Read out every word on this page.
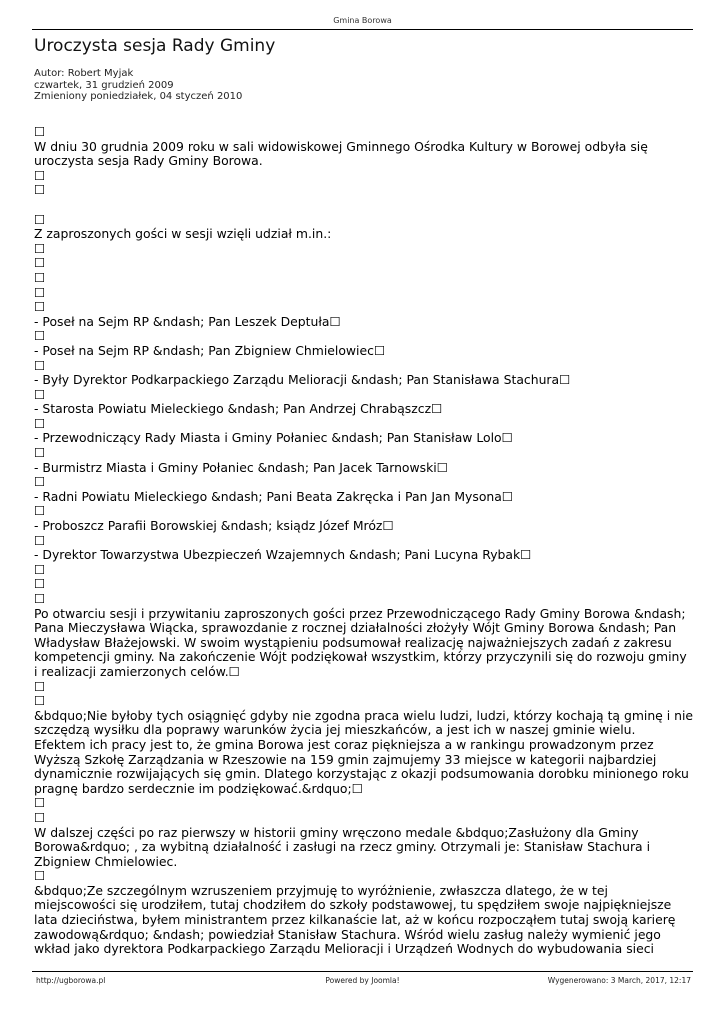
Gmina Borowa
Uroczysta sesja Rady Gminy
Autor: Robert Myjak
czwartek, 31 grudzień 2009
Zmieniony poniedziałek, 04 styczeń 2010
☐
W dniu 30 grudnia 2009 roku w sali widowiskowej Gminnego Ośrodka Kultury w Borowej odbyła się
uroczysta sesja Rady Gminy Borowa.
☐
☐

☐
Z zaproszonych gości w sesji wzięli udział m.in.:
☐
☐
☐
☐
☐
- Poseł na Sejm RP &ndash; Pan Leszek Deptuła☐
☐
- Poseł na Sejm RP &ndash; Pan Zbigniew Chmielowiec☐
☐
- Były Dyrektor Podkarpackiego Zarządu Melioracji &ndash; Pan Stanisława Stachura☐
☐
- Starosta Powiatu Mieleckiego &ndash; Pan Andrzej Chrabąszcz☐
☐
- Przewodniczący Rady Miasta i Gminy Połaniec &ndash; Pan Stanisław Lolo☐
☐
- Burmistrz Miasta i Gminy Połaniec &ndash; Pan Jacek Tarnowski☐
☐
- Radni Powiatu Mieleckiego &ndash; Pani Beata Zakręcka i Pan Jan Mysona☐
☐
- Proboszcz Parafii Borowskiej &ndash; ksiądz Józef Mróz☐
☐
- Dyrektor Towarzystwa Ubezpieczeń Wzajemnych &ndash; Pani Lucyna Rybak☐
☐
☐
☐
Po otwarciu sesji i przywitaniu zaproszonych gości przez Przewodniczącego Rady Gminy Borowa &ndash;
Pana Mieczysława Wiącka, sprawozdanie z rocznej działalności złożyły Wójt Gminy Borowa &ndash; Pan
Władysław Błażejowski. W swoim wystąpieniu podsumował realizację najważniejszych zadań z zakresu
kompetencji gminy. Na zakończenie Wójt podziękował wszystkim, którzy przyczynili się do rozwoju gminy
i realizacji zamierzonych celów.☐
☐
☐
&bdquo;Nie byłoby tych osiągnięć gdyby nie zgodna praca wielu ludzi, ludzi, którzy kochają tą gminę i nie
szczędzą wysiłku dla poprawy warunków życia jej mieszkańców, a jest ich w naszej gminie wielu.
Efektem ich pracy jest to, że gmina Borowa jest coraz piękniejsza a w rankingu prowadzonym przez
Wyższą Szkołę Zarządzania w Rzeszowie na 159 gmin zajmujemy 33 miejsce w kategorii najbardziej
dynamicznie rozwijających się gmin. Dlatego korzystając z okazji podsumowania dorobku minionego roku
pragnę bardzo serdecznie im podziękować.&rdquo;☐
☐
☐
W dalszej części po raz pierwszy w historii gminy wręczono medale &bdquo;Zasłużony dla Gminy
Borowa&rdquo; , za wybitną działalność i zasługi na rzecz gminy. Otrzymali je: Stanisław Stachura i
Zbigniew Chmielowiec.
☐
&bdquo;Ze szczególnym wzruszeniem przyjmuję to wyróżnienie, zwłaszcza dlatego, że w tej
miejscowości się urodziłem, tutaj chodziłem do szkoły podstawowej, tu spędziłem swoje najpiękniejsze
lata dzieciństwa, byłem ministrantem przez kilkanaście lat, aż w końcu rozpocząłem tutaj swoją karierę
zawodową&rdquo; &ndash; powiedział Stanisław Stachura. Wśród wielu zasług należy wymienić jego
wkład jako dyrektora Podkarpackiego Zarządu Melioracji i Urządzeń Wodnych do wybudowania sieci
http://ugborowa.pl	Powered by Joomla!	Wygenerowano: 3 March, 2017, 12:17
